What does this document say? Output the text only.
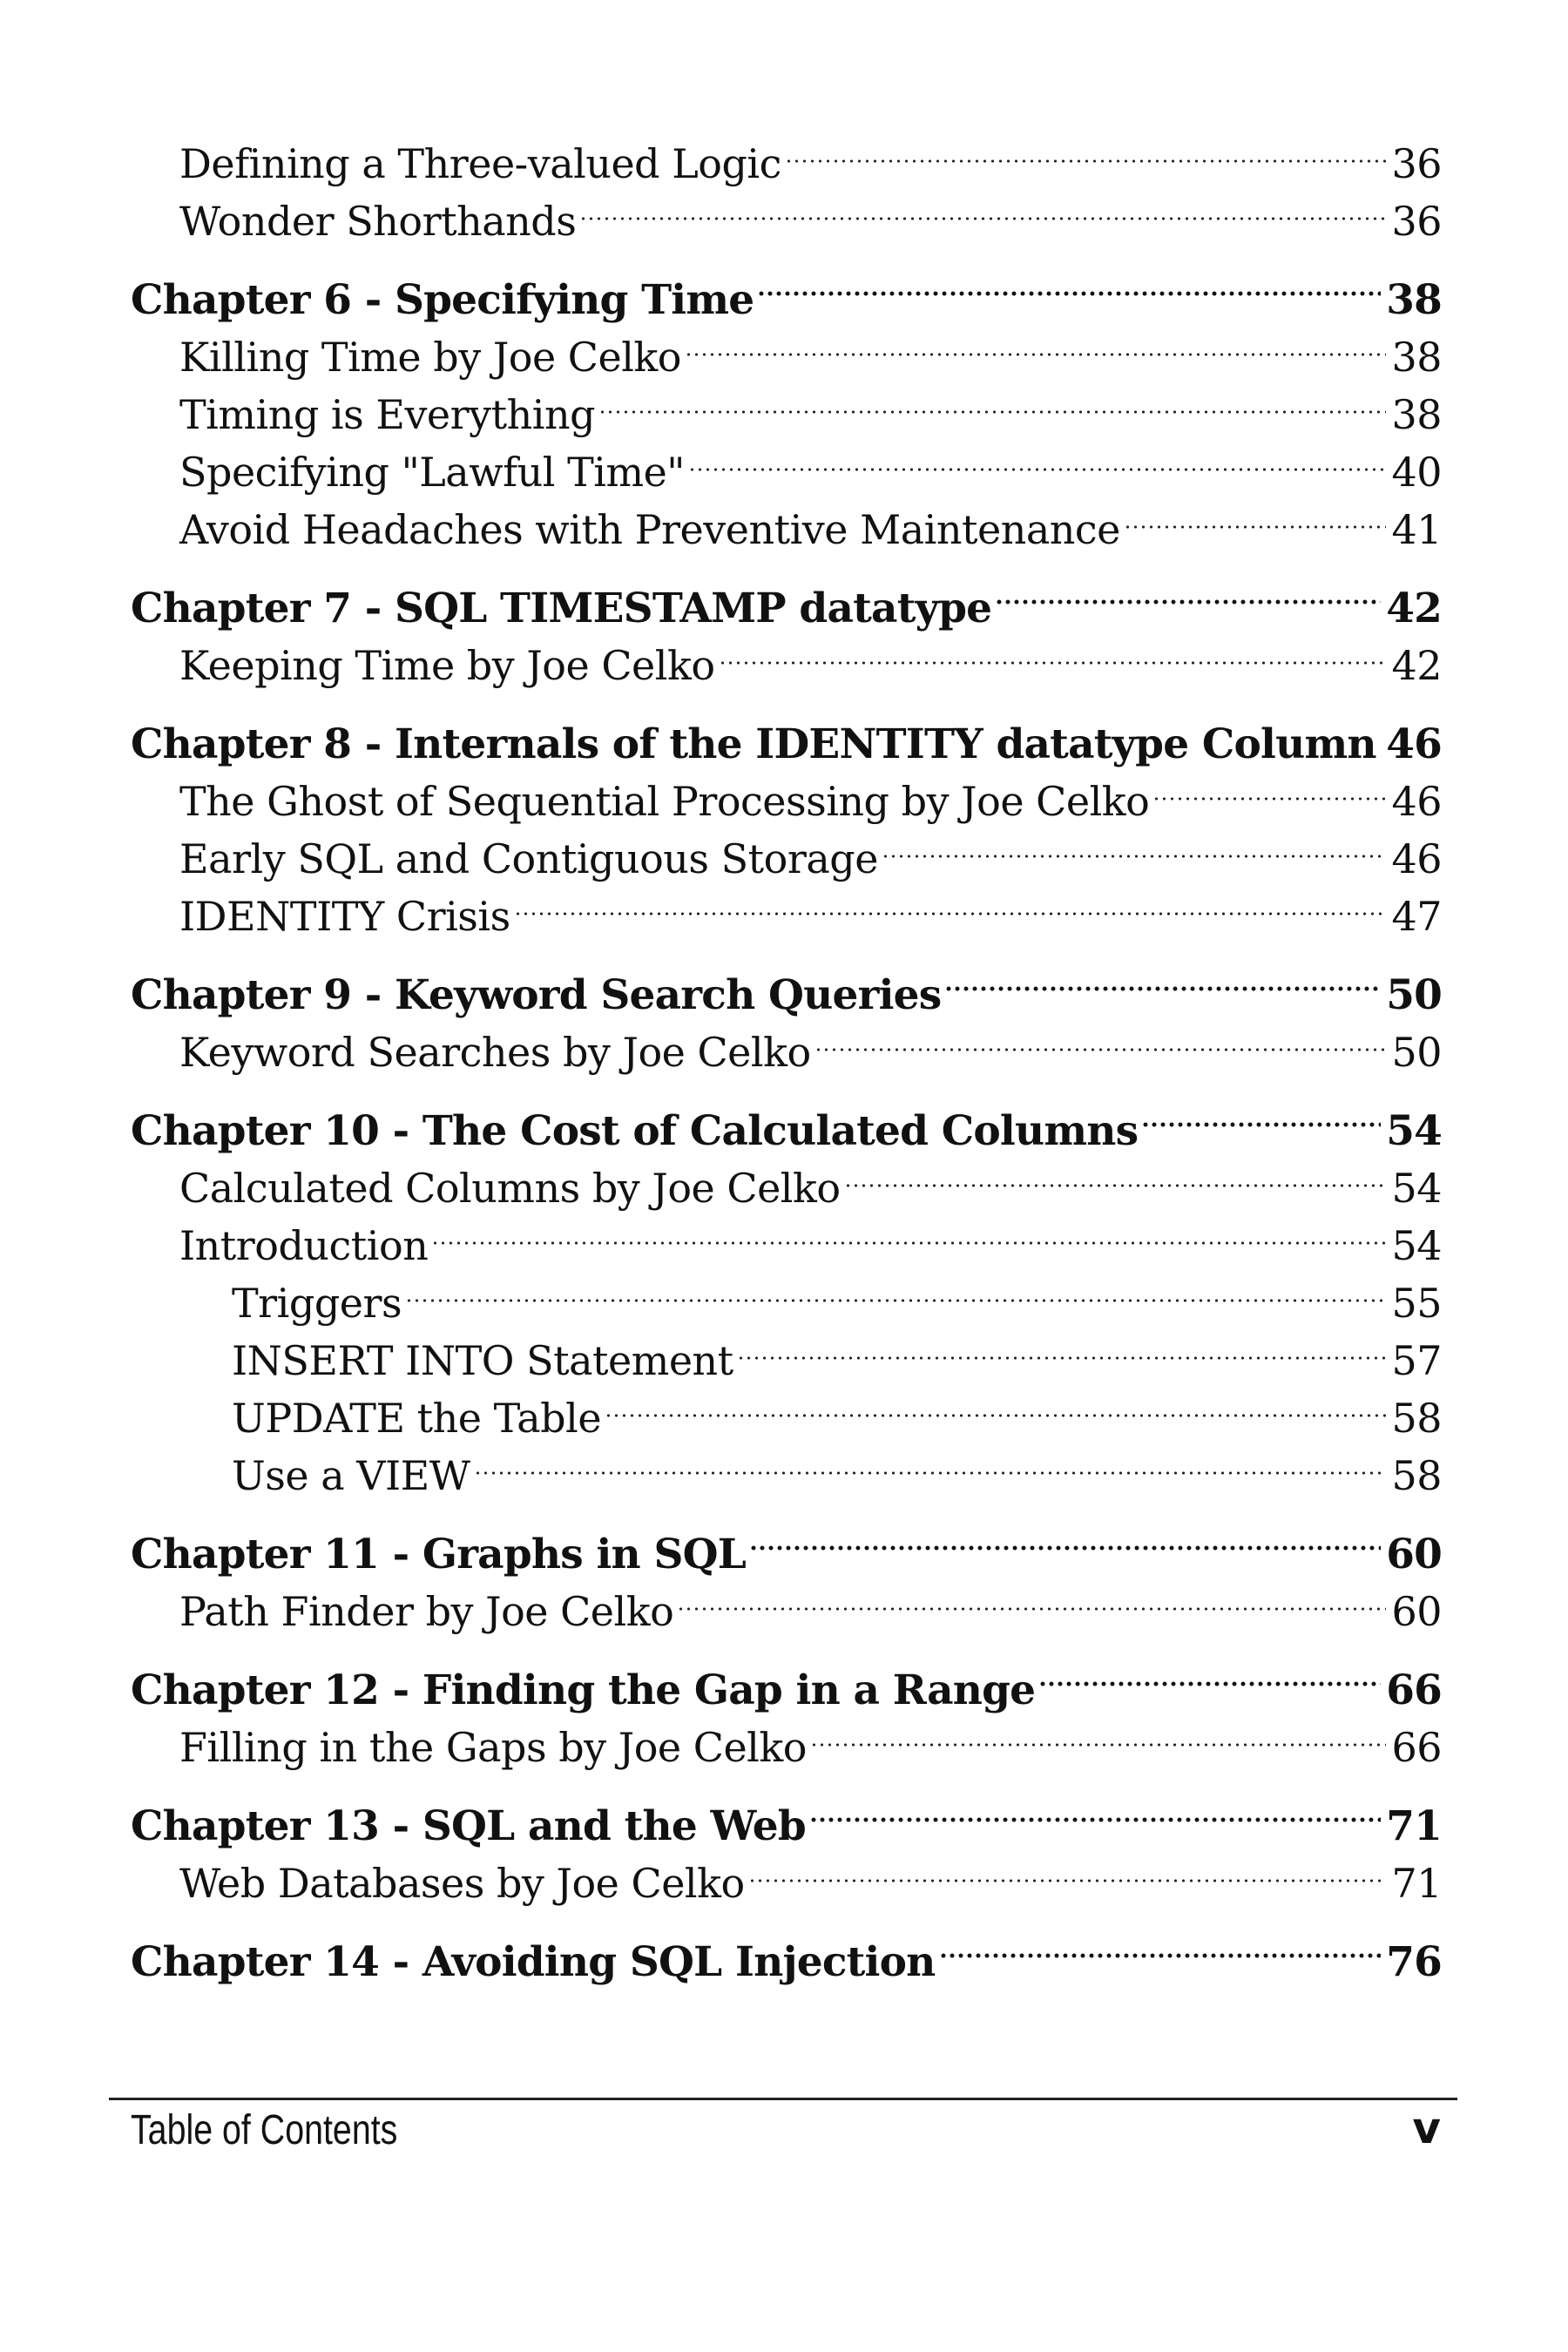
Defining a Three-valued Logic	36
Wonder Shorthands	36
Chapter 6 - Specifying Time	38
Killing Time by Joe Celko	38
Timing is Everything	38
Specifying "Lawful Time"	40
Avoid Headaches with Preventive Maintenance	41
Chapter 7 - SQL TIMESTAMP datatype	42
Keeping Time by Joe Celko	42
Chapter 8 - Internals of the IDENTITY datatype Column 46
The Ghost of Sequential Processing by Joe Celko	46
Early SQL and Contiguous Storage	46
IDENTITY Crisis	47
Chapter 9 - Keyword Search Queries	50
Keyword Searches by Joe Celko	50
Chapter 10 - The Cost of Calculated Columns	54
Calculated Columns by Joe Celko	54
Introduction	54
Triggers	55
INSERT INTO Statement	57
UPDATE the Table	58
Use a VIEW	58
Chapter 11 - Graphs in SQL	60
Path Finder by Joe Celko	60
Chapter 12 - Finding the Gap in a Range	66
Filling in the Gaps by Joe Celko	66
Chapter 13 - SQL and the Web	71
Web Databases by Joe Celko	71
Chapter 14 - Avoiding SQL Injection	76
Table of Contents	v
